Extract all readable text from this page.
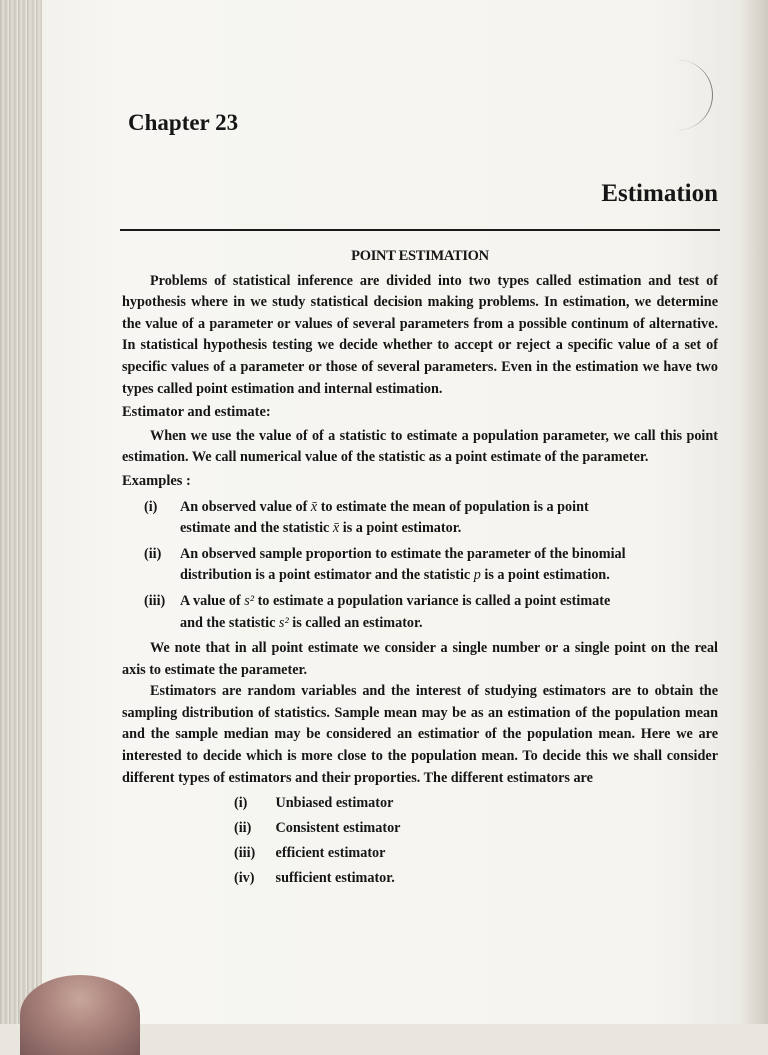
Chapter 23
Estimation
POINT ESTIMATION

Problems of statistical inference are divided into two types called estimation and test of hypothesis where in we study statistical decision making problems. In estimation, we determine the value of a parameter or values of several parameters from a possible continum of alternative. In statistical hypothesis testing we decide whether to accept or reject a specific value of a set of specific values of a parameter or those of several parameters. Even in the estimation we have two types called point estimation and internal estimation.

Estimator and estimate:

When we use the value of of a statistic to estimate a population parameter, we call this point estimation. We call numerical value of the statistic as a point estimate of the parameter.

Examples :
(i) An observed value of x̄ to estimate the mean of population is a point
estimate and the statistic x̄ is a point estimator.
(ii) An observed sample proportion to estimate the parameter of the binomial
distribution is a point estimator and the statistic p is a point estimation.
(iii) A value of s² to estimate a population variance is called a point estimate
and the statistic s² is called an estimator.

We note that in all point estimate we consider a single number or a single point on the real axis to estimate the parameter.

Estimators are random variables and the interest of studying estimators are to obtain the sampling distribution of statistics. Sample mean may be as an estimation of the population mean and the sample median may be considered an estimatior of the population mean. Here we are interested to decide which is more close to the population mean. To decide this we shall consider different types of estimators and their proporties. The different estimators are

(i) Unbiased estimator
(ii) Consistent estimator
(iii) efficient estimator
(iv) sufficient estimator.
